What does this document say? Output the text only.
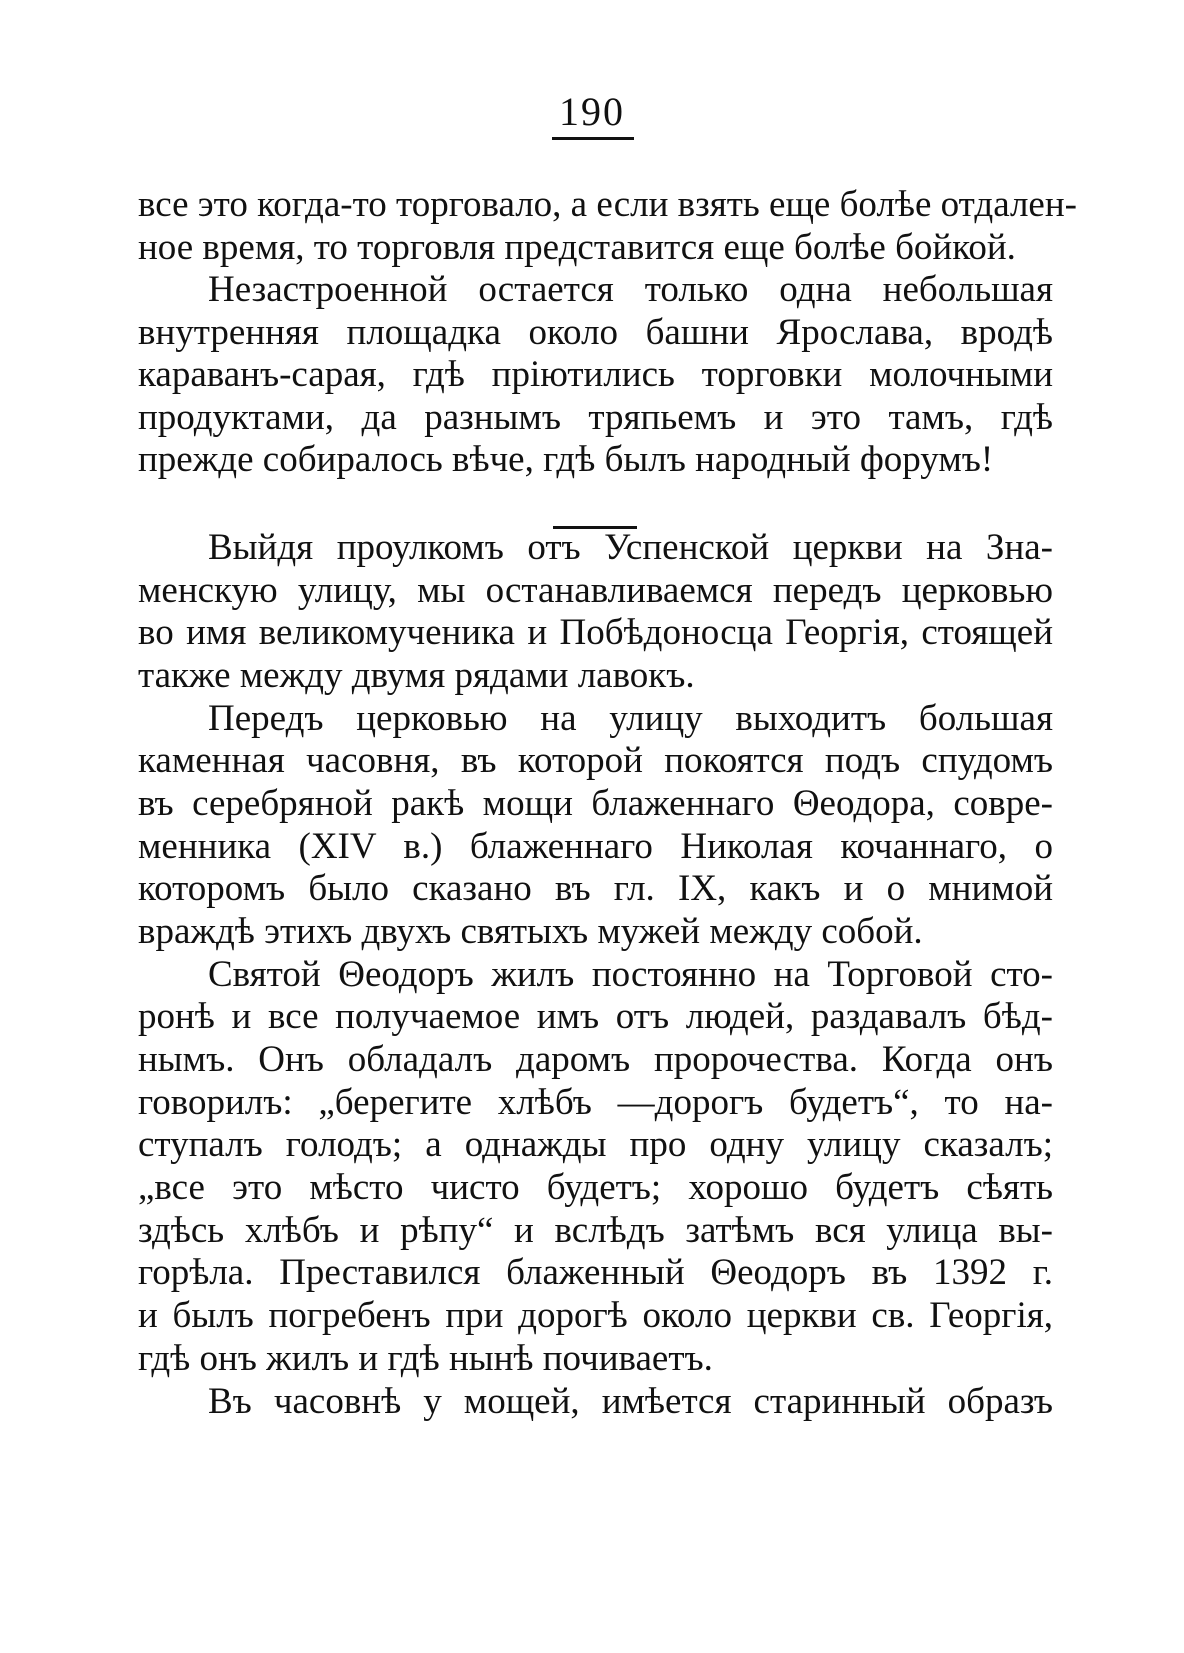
190
все это когда-то торговало, а если взять еще болѣе отдален-
ное время, то торговля представится еще болѣе бойкой.
Незастроенной остается только одна небольшая
внутренняя площадка около башни Ярослава, вродѣ
караванъ-сарая, гдѣ пріютились торговки молочными
продуктами, да разнымъ тряпьемъ и это тамъ, гдѣ
прежде собиралось вѣче, гдѣ былъ народный форумъ!
Выйдя проулкомъ отъ Успенской церкви на Зна-
менскую улицу, мы останавливаемся передъ церковью
во имя великомученика и Побѣдоносца Георгія, стоящей
также между двумя рядами лавокъ.
Передъ церковью на улицу выходитъ большая
каменная часовня, въ которой покоятся подъ спудомъ
въ серебряной ракѣ мощи блаженнаго Θеодора, совре-
менника (XIV в.) блаженнаго Николая кочаннаго, о
которомъ было сказано въ гл. IX, какъ и о мнимой
враждѣ этихъ двухъ святыхъ мужей между собой.
Святой Θеодоръ жилъ постоянно на Торговой сто-
ронѣ и все получаемое имъ отъ людей, раздавалъ бѣд-
нымъ. Онъ обладалъ даромъ пророчества. Когда онъ
говорилъ: „берегите хлѣбъ —дорогъ будетъ“, то на-
ступалъ голодъ; а однажды про одну улицу сказалъ;
„все это мѣсто чисто будетъ; хорошо будетъ сѣять
здѣсь хлѣбъ и рѣпу“ и вслѣдъ затѣмъ вся улица вы-
горѣла. Преставился блаженный Θеодоръ въ 1392 г.
и былъ погребенъ при дорогѣ около церкви св. Георгія,
гдѣ онъ жилъ и гдѣ нынѣ почиваетъ.
Въ часовнѣ у мощей, имѣется старинный образъ
